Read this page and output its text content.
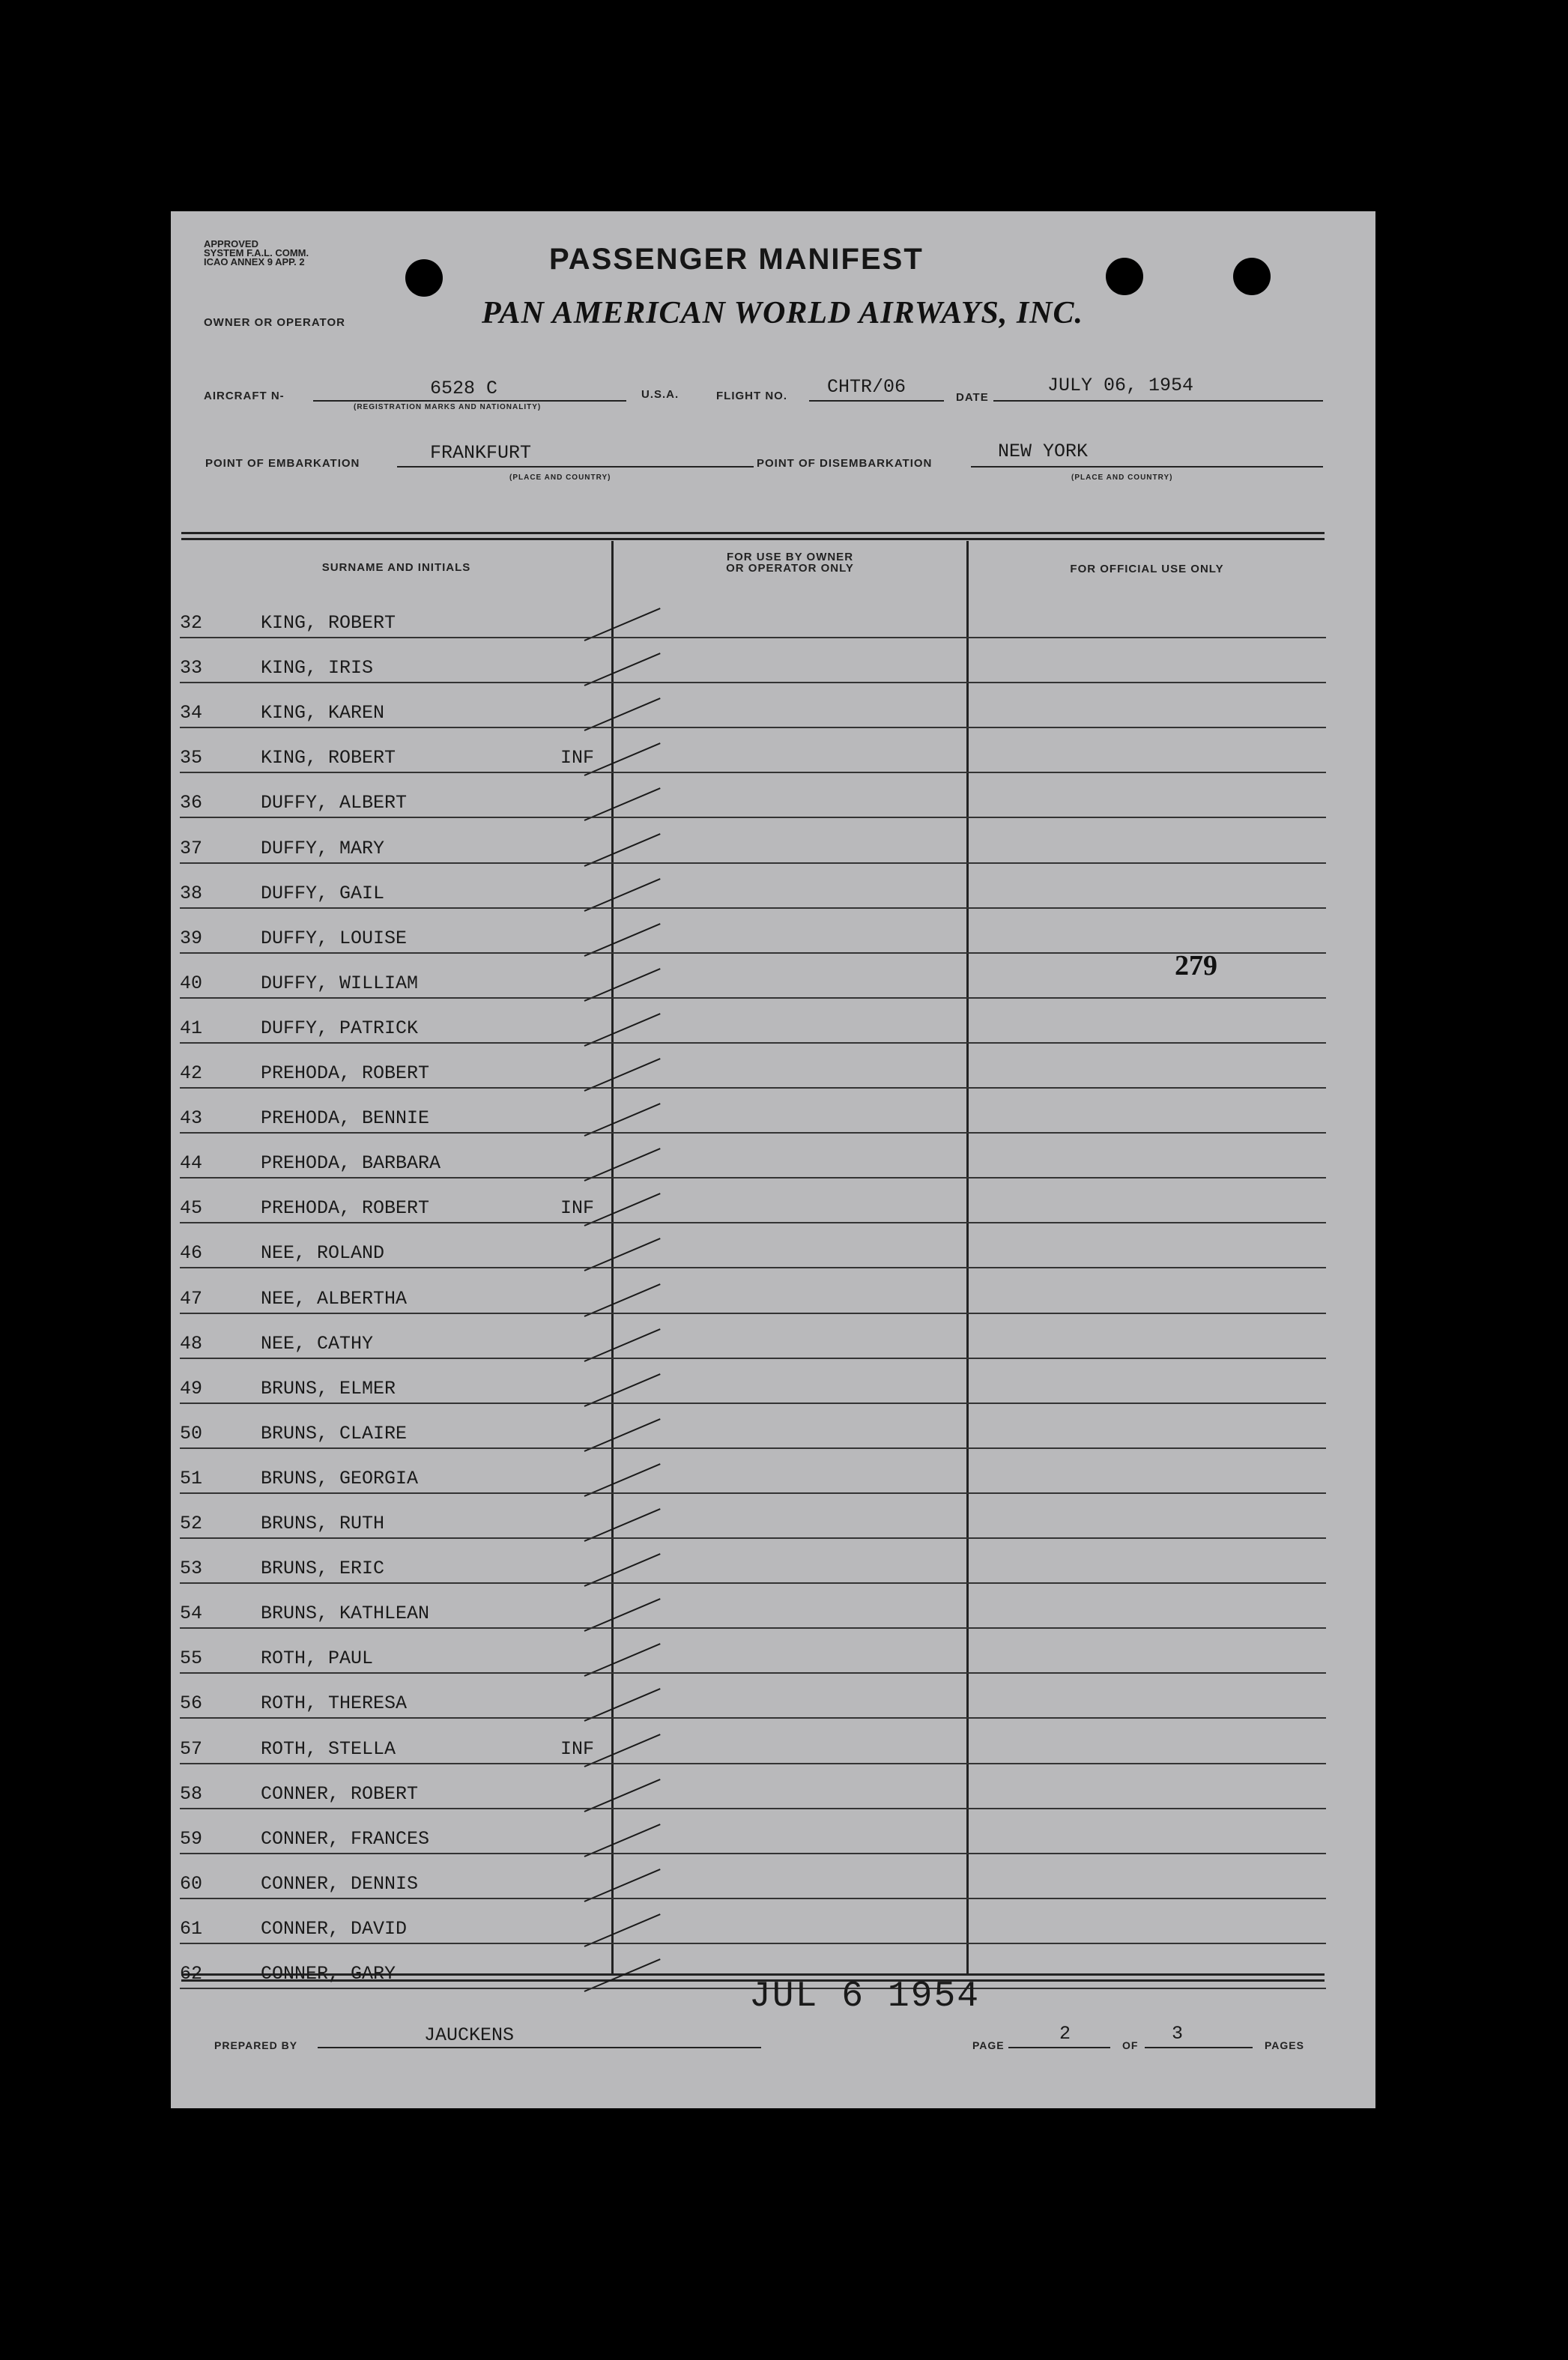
APPROVED
SYSTEM F.A.L. COMM.
ICAO ANNEX 9 APP. 2	PASSENGER MANIFEST
OWNER OR OPERATOR	PAN AMERICAN WORLD AIRWAYS, INC.
AIRCRAFT N-	6528 C
(REGISTRATION MARKS AND NATIONALITY)
U.S.A.	FLIGHT NO. CHTR/06	DATE
JULY 06, 1954
POINT OF EMBARKATION	FRANKFURT
(PLACE AND COUNTRY)
POINT OF DISEMBARKATION
NEW YORK
(PLACE AND COUNTRY)
SURNAME AND INITIALS
FOR USE BY OWNER
OR OPERATOR ONLY	FOR OFFICIAL USE ONLY
32	KING, ROBERT
33	KING, IRIS
34	KING, KAREN
35	KING, ROBERT	INF
36	DUFFY, ALBERT
37	DUFFY, MARY
38	DUFFY, GAIL
39	DUFFY, LOUISE
40	DUFFY, WILLIAM
41	DUFFY, PATRICK
42	PREHODA, ROBERT
43	PREHODA, BENNIE
44	PREHODA, BARBARA
45	PREHODA, ROBERT	INF
46	NEE, ROLAND
47	NEE, ALBERTHA
48	NEE, CATHY
49	BRUNS, ELMER
50	BRUNS, CLAIRE
51	BRUNS, GEORGIA
52	BRUNS, RUTH
53	BRUNS, ERIC
54	BRUNS, KATHLEAN
55	ROTH, PAUL
56	ROTH, THERESA
57	ROTH, STELLA	INF
58	CONNER, ROBERT
59	CONNER, FRANCES
60	CONNER, DENNIS
61	CONNER, DAVID
62	CONNER, GARY
279
JUL 6 1954
PREPARED BY	JAUCKENS	PAGE
2
OF
3
PAGES
